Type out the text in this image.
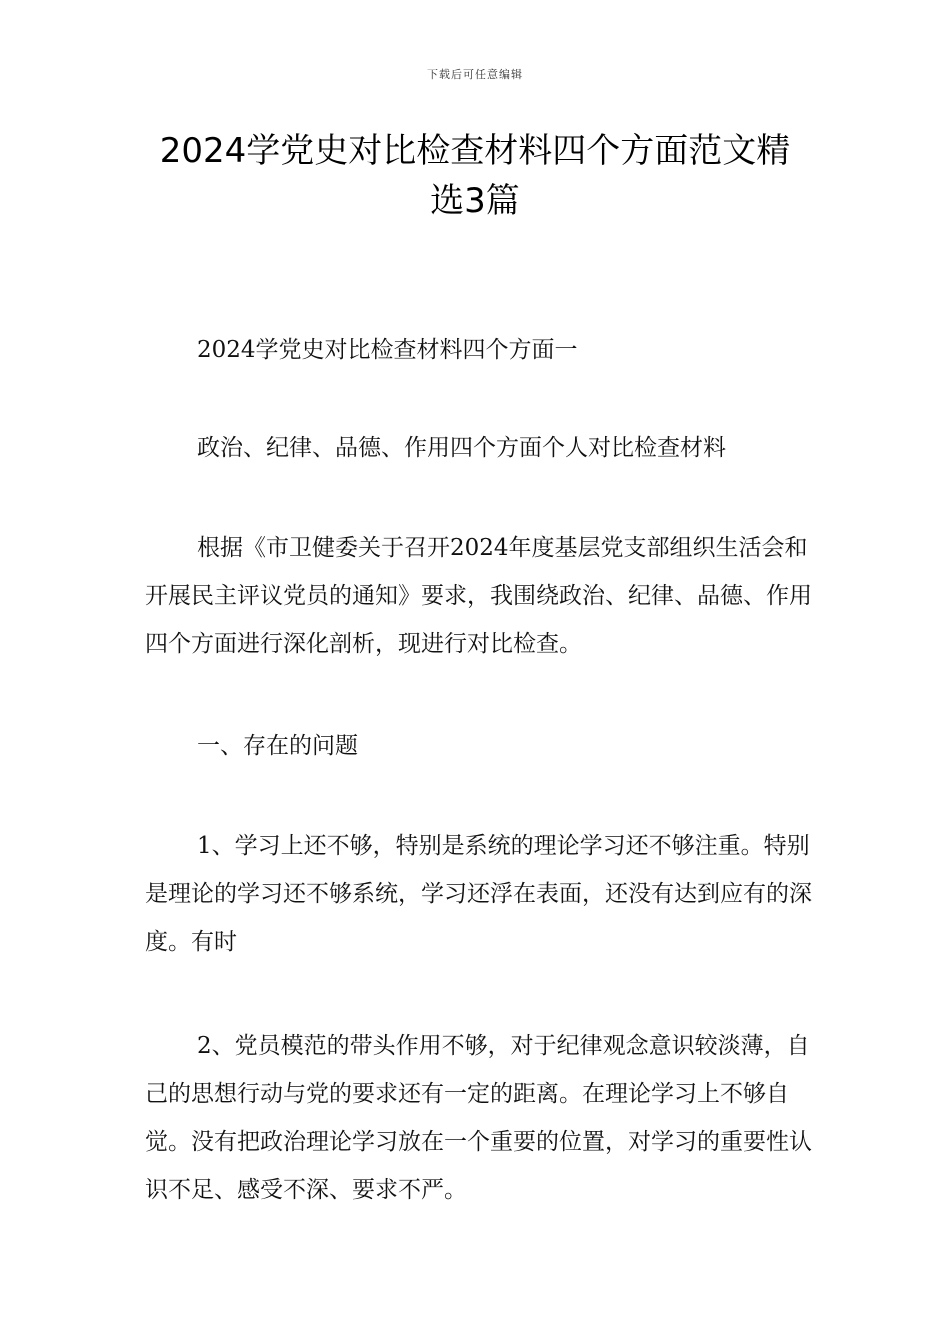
下载后可任意编辑
2024学党史对比检查材料四个方面范文精
选3篇
2024学党史对比检查材料四个方面一
政治、纪律、品德、作用四个方面个人对比检查材料
根据《市卫健委关于召开2024年度基层党支部组织生活会和开展民主评议党员的通知》要求，我围绕政治、纪律、品德、作用四个方面进行深化剖析，现进行对比检查。
一、存在的问题
1、学习上还不够，特别是系统的理论学习还不够注重。特别是理论的学习还不够系统，学习还浮在表面，还没有达到应有的深度。有时
2、党员模范的带头作用不够，对于纪律观念意识较淡薄，自己的思想行动与党的要求还有一定的距离。在理论学习上不够自觉。没有把政治理论学习放在一个重要的位置，对学习的重要性认识不足、感受不深、要求不严。
